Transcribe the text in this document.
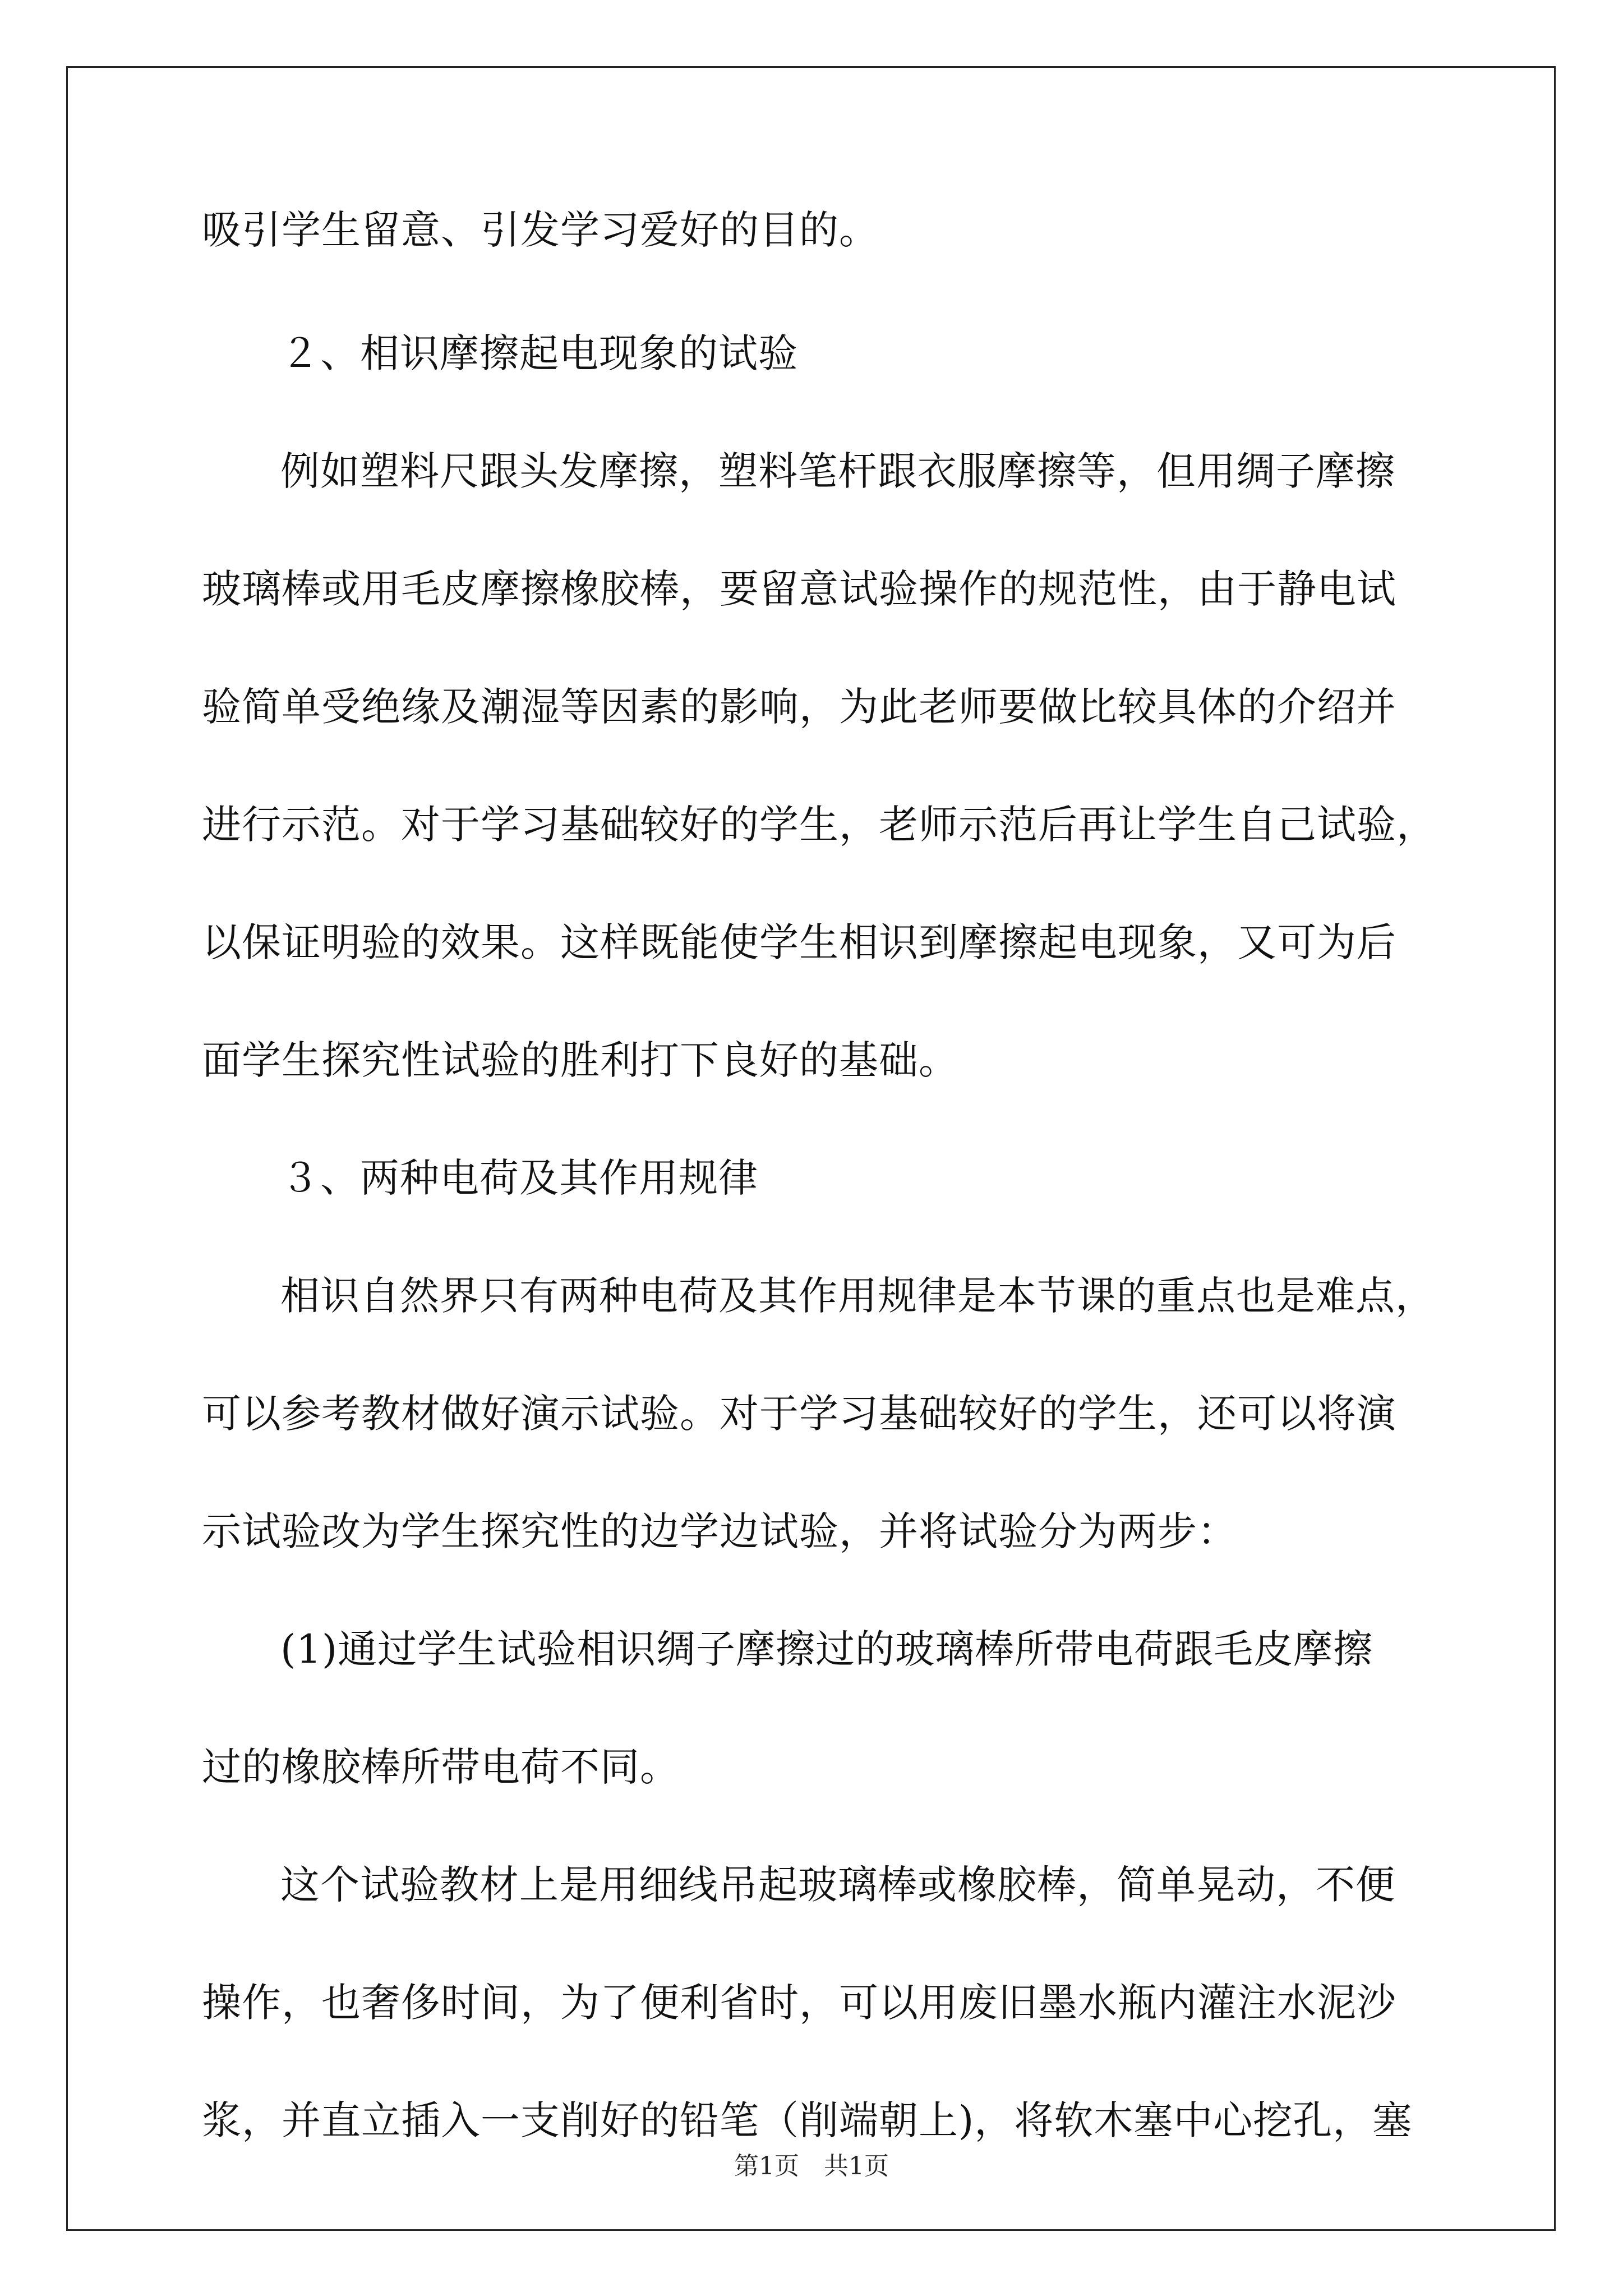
吸引学生留意、引发学习爱好的目的。
２、相识摩擦起电现象的试验
例如塑料尺跟头发摩擦，塑料笔杆跟衣服摩擦等，但用绸子摩擦
玻璃棒或用毛皮摩擦橡胶棒，要留意试验操作的规范性，由于静电试
验简单受绝缘及潮湿等因素的影响，为此老师要做比较具体的介绍并
进行示范。对于学习基础较好的学生，老师示范后再让学生自己试验，
以保证明验的效果。这样既能使学生相识到摩擦起电现象，又可为后
面学生探究性试验的胜利打下良好的基础。
３、两种电荷及其作用规律
相识自然界只有两种电荷及其作用规律是本节课的重点也是难点，
可以参考教材做好演示试验。对于学习基础较好的学生，还可以将演
示试验改为学生探究性的边学边试验，并将试验分为两步：
(1)通过学生试验相识绸子摩擦过的玻璃棒所带电荷跟毛皮摩擦
过的橡胶棒所带电荷不同。
这个试验教材上是用细线吊起玻璃棒或橡胶棒，简单晃动，不便
操作，也奢侈时间，为了便利省时，可以用废旧墨水瓶内灌注水泥沙
浆，并直立插入一支削好的铅笔（削端朝上)，将软木塞中心挖孔，塞
第1页　共1页
